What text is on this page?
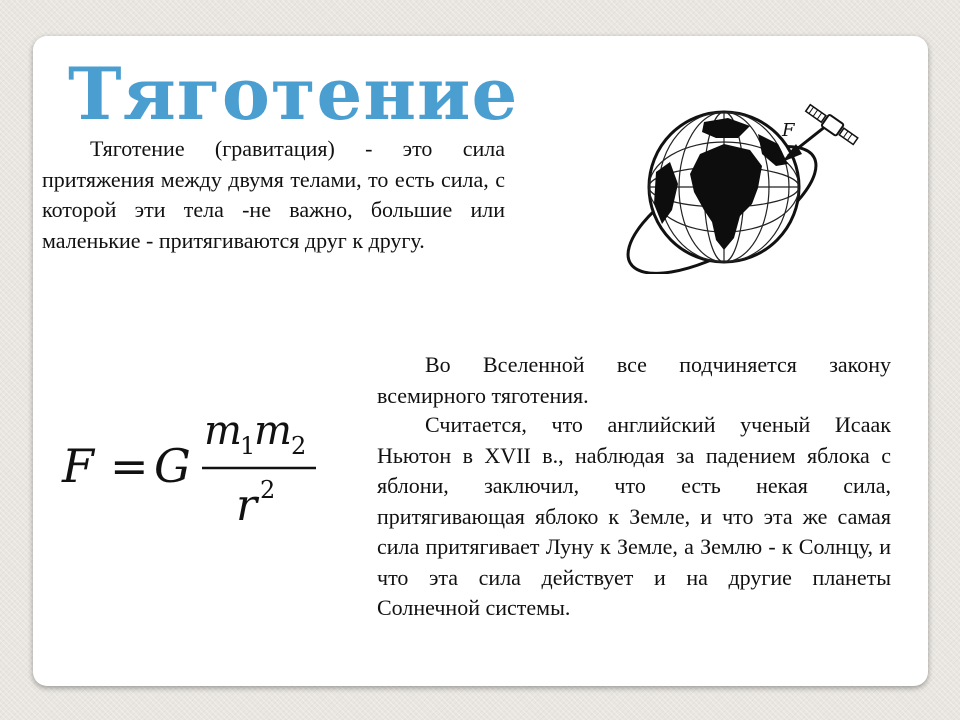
Тяготение

Тяготение (гравитация) - это сила притяжения между двумя телами, то есть сила, с которой эти тела -не важно, большие или маленькие - притягиваются друг к другу.

F
F = G
m
1
m 2
r 2

Во Вселенной все подчиняется закону всемирного тяготения.

Считается, что английский ученый Исаак Ньютон в XVII в., наблюдая за падением яблока с яблони, заключил, что есть некая сила, притягивающая яблоко к Земле, и что эта же самая сила притягивает Луну к Земле, а Землю - к Солнцу, и что эта сила действует и на другие планеты Солнечной системы.
